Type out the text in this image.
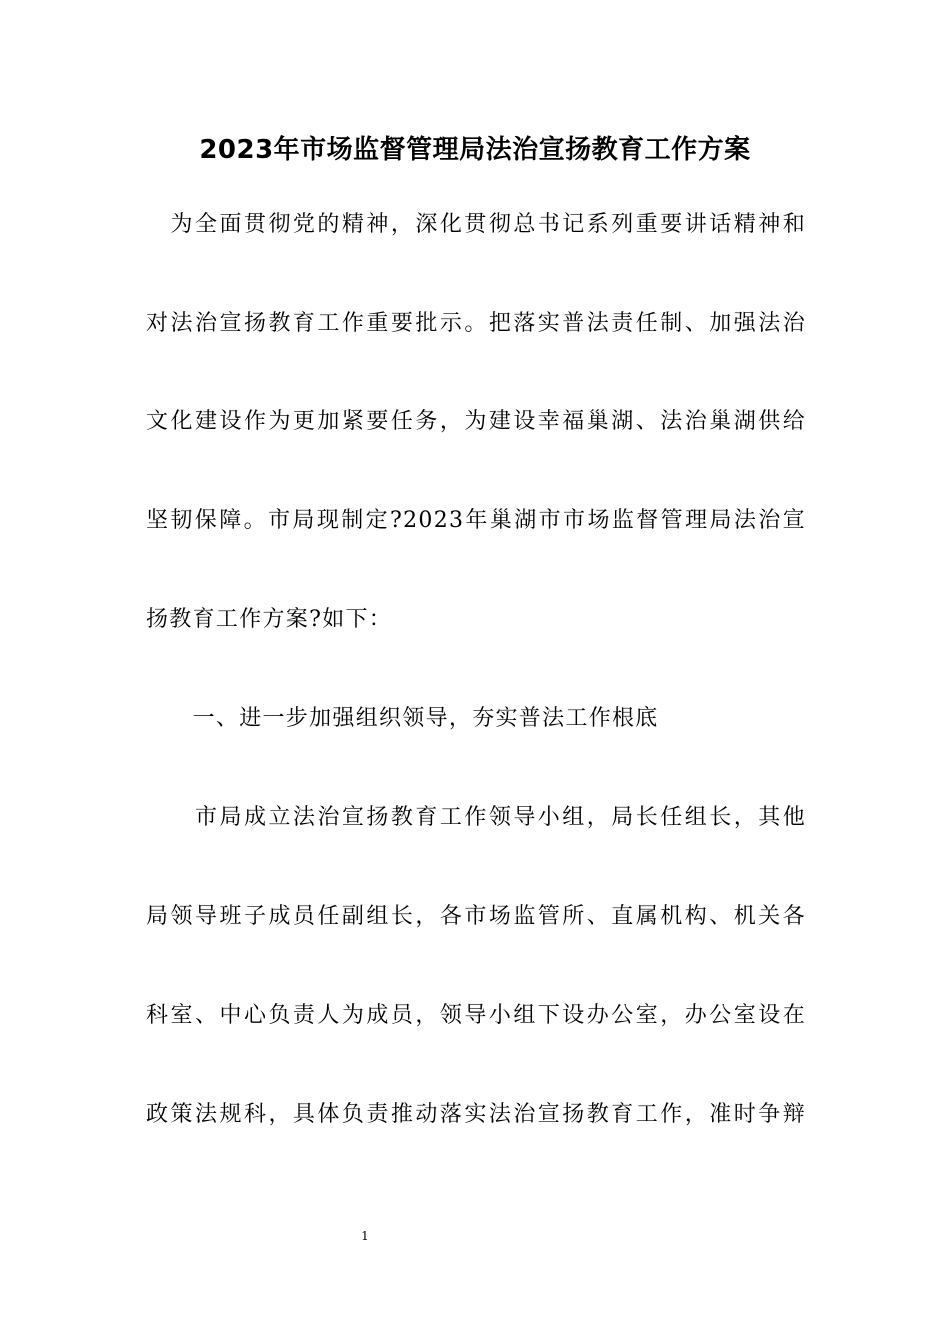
2023年市场监督管理局法治宣扬教育工作方案
　为全面贯彻党的精神，深化贯彻总书记系列重要讲话精神和
对法治宣扬教育工作重要批示。把落实普法责任制、加强法治
文化建设作为更加紧要任务，为建设幸福巢湖、法治巢湖供给
坚韧保障。市局现制定?2023年巢湖市市场监督管理局法治宣
扬教育工作方案?如下：
　　一、进一步加强组织领导，夯实普法工作根底
　　市局成立法治宣扬教育工作领导小组，局长任组长，其他
局领导班子成员任副组长，各市场监管所、直属机构、机关各
科室、中心负责人为成员，领导小组下设办公室，办公室设在
政策法规科，具体负责推动落实法治宣扬教育工作，准时争辩
1
